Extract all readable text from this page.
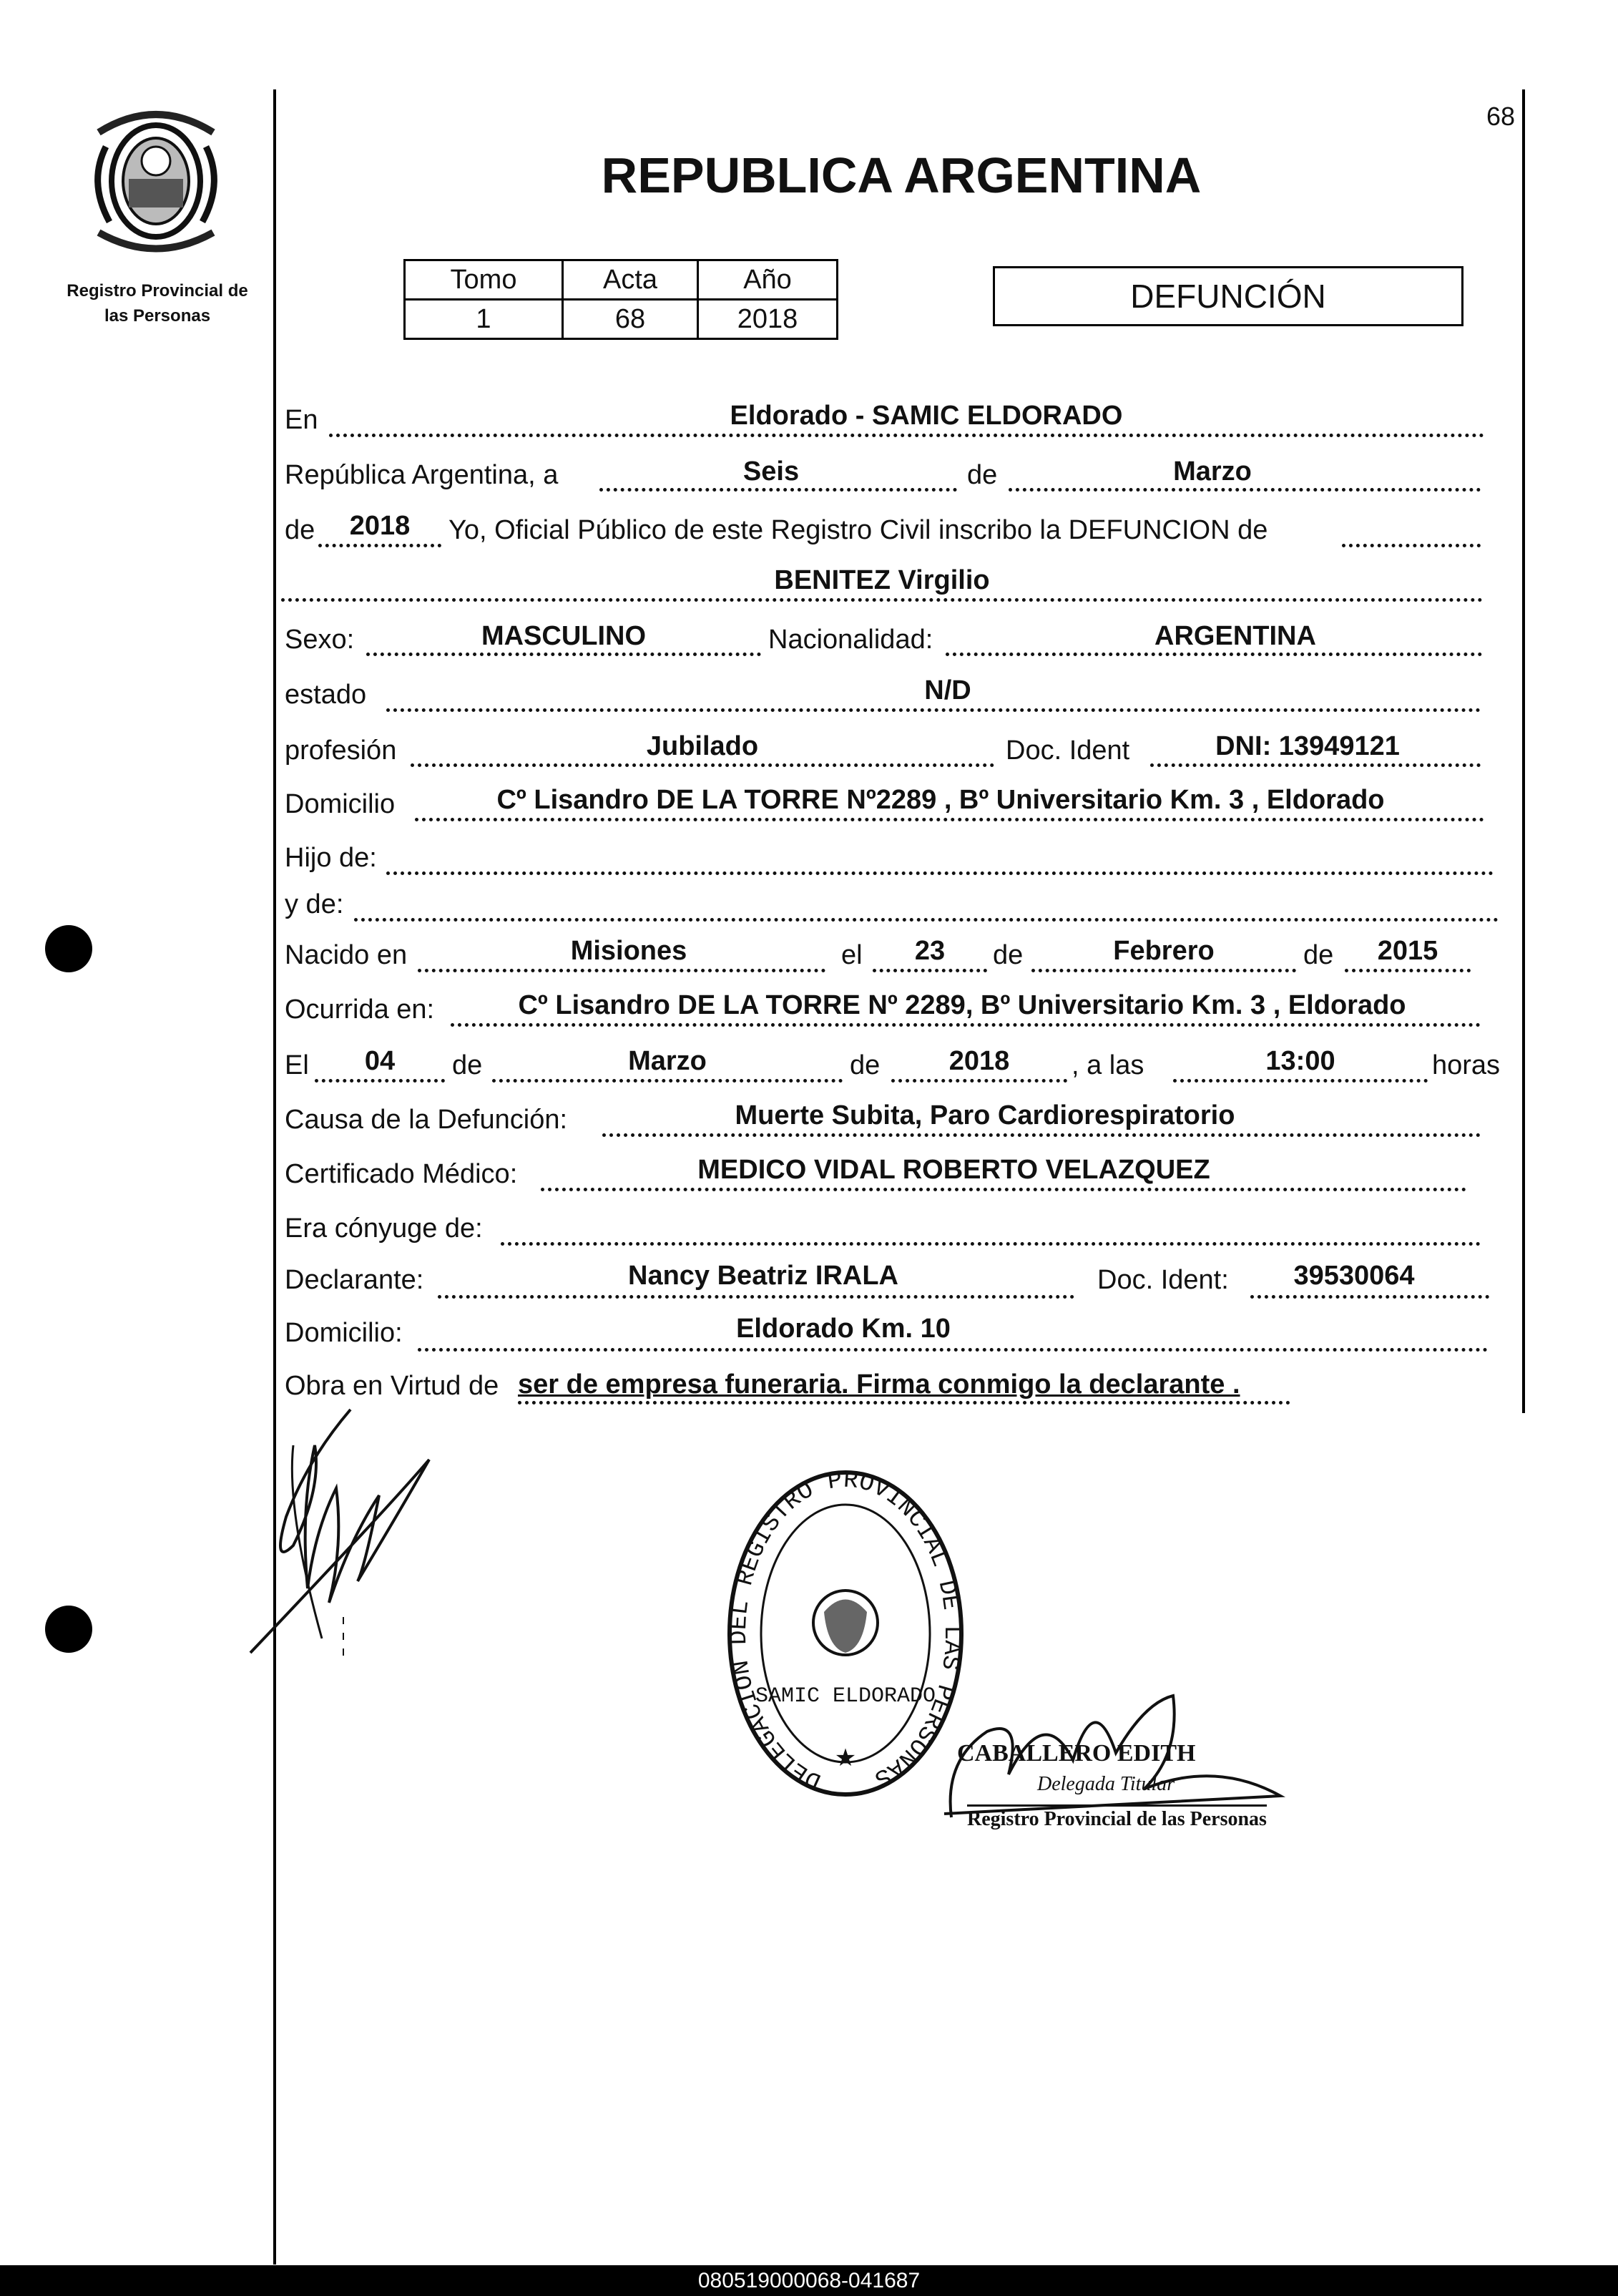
68
Registro Provincial de
las Personas
REPUBLICA ARGENTINA
Tomo	Acta	Año
1	68	2018
DEFUNCIÓN
En	Eldorado - SAMIC ELDORADO
República Argentina, a	Seis	de	Marzo
de	2018	Yo, Oficial Público de este Registro Civil inscribo la DEFUNCION de
BENITEZ Virgilio
Sexo:	MASCULINO	Nacionalidad:	ARGENTINA
estado	N/D
profesión	Jubilado	Doc. Ident	DNI: 13949121
Domicilio	Cº Lisandro DE LA TORRE Nº2289 , Bº Universitario Km. 3 , Eldorado
Hijo de:
y de:
Nacido en	Misiones	el	23	de	Febrero	de	2015
Ocurrida en:	Cº Lisandro DE LA TORRE Nº 2289, Bº Universitario Km. 3 , Eldorado
El	04	de	Marzo	de	2018	, a las	13:00	horas
Causa de la Defunción:	Muerte Subita, Paro Cardiorespiratorio
Certificado Médico:	MEDICO VIDAL ROBERTO VELAZQUEZ
Era cónyuge de:
Declarante:	Nancy Beatriz IRALA	Doc. Ident:	39530064
Domicilio:	Eldorado Km. 10
Obra en Virtud de ser de empresa funeraria. Firma conmigo la declarante .
DELEGACION DEL REGISTRO PROVINCIAL DE LAS PERSONAS
SAMIC ELDORADO
★	CABALLERO EDITH
Delegada Titular
Registro Provincial de las Personas
080519000068-041687
